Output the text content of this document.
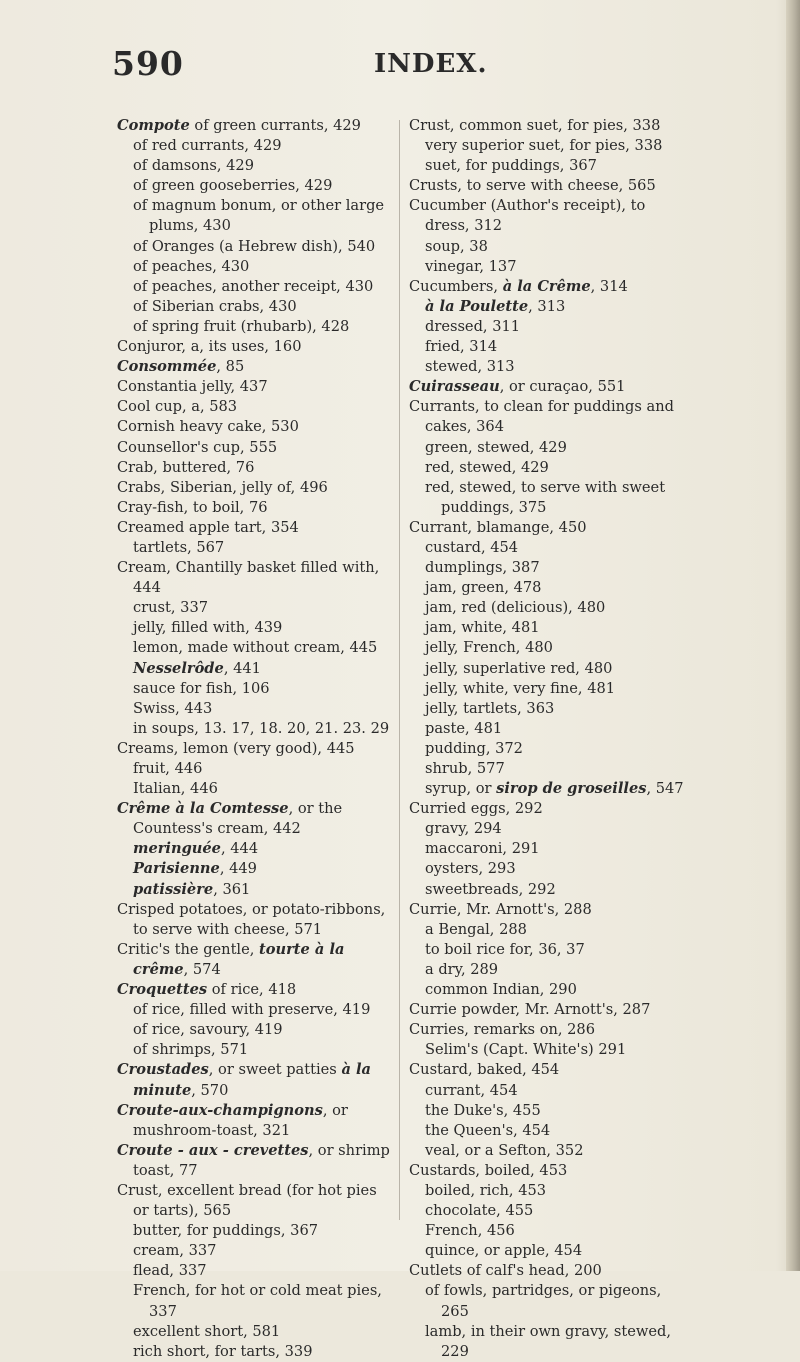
590	INDEX.
Compote of green currants, 429
of red currants, 429
of damsons, 429
of green gooseberries, 429
of magnum bonum, or other large plums, 430
of Oranges (a Hebrew dish), 540
of peaches, 430
of peaches, another receipt, 430
of Siberian crabs, 430
of spring fruit (rhubarb), 428
Conjuror, a, its uses, 160
Consommée, 85
Constantia jelly, 437
Cool cup, a, 583
Cornish heavy cake, 530
Counsellor's cup, 555
Crab, buttered, 76
Crabs, Siberian, jelly of, 496
Cray-fish, to boil, 76
Creamed apple tart, 354
tartlets, 567
Cream, Chantilly basket filled with, 444
crust, 337
jelly, filled with, 439
lemon, made without cream, 445
Nesselrôde, 441
sauce for fish, 106
Swiss, 443
in soups, 13. 17, 18. 20, 21. 23. 29
Creams, lemon (very good), 445
fruit, 446
Italian, 446
Crême à la Comtesse, or the Countess's cream, 442
meringuée, 444
Parisienne, 449
patissière, 361
Crisped potatoes, or potato-ribbons, to serve with cheese, 571
Critic's the gentle, tourte à la crême, 574
Croquettes of rice, 418
of rice, filled with preserve, 419
of rice, savoury, 419
of shrimps, 571
Croustades, or sweet patties à la minute, 570
Croute-aux-champignons, or mushroom-toast, 321
Croute - aux - crevettes, or shrimp toast, 77
Crust, excellent bread (for hot pies or tarts), 565
butter, for puddings, 367
cream, 337
flead, 337
French, for hot or cold meat pies, 337
excellent short, 581
rich short, for tarts, 339
Crust, common suet, for pies, 338
very superior suet, for pies, 338
suet, for puddings, 367
Crusts, to serve with cheese, 565
Cucumber (Author's receipt), to dress, 312
soup, 38
vinegar, 137
Cucumbers, à la Crême, 314
à la Poulette, 313
dressed, 311
fried, 314
stewed, 313
Cuirasseau, or curaçao, 551
Currants, to clean for puddings and cakes, 364
green, stewed, 429
red, stewed, 429
red, stewed, to serve with sweet puddings, 375
Currant, blamange, 450
custard, 454
dumplings, 387
jam, green, 478
jam, red (delicious), 480
jam, white, 481
jelly, French, 480
jelly, superlative red, 480
jelly, white, very fine, 481
jelly, tartlets, 363
paste, 481
pudding, 372
shrub, 577
syrup, or sirop de groseilles, 547
Curried eggs, 292
gravy, 294
maccaroni, 291
oysters, 293
sweetbreads, 292
Currie, Mr. Arnott's, 288
a Bengal, 288
to boil rice for, 36, 37
a dry, 289
common Indian, 290
Currie powder, Mr. Arnott's, 287
Curries, remarks on, 286
Selim's (Capt. White's) 291
Custard, baked, 454
currant, 454
the Duke's, 455
the Queen's, 454
veal, or a Sefton, 352
Custards, boiled, 453
boiled, rich, 453
chocolate, 455
French, 456
quince, or apple, 454
Cutlets of calf's head, 200
of fowls, partridges, or pigeons, 265
lamb, in their own gravy, stewed, 229
